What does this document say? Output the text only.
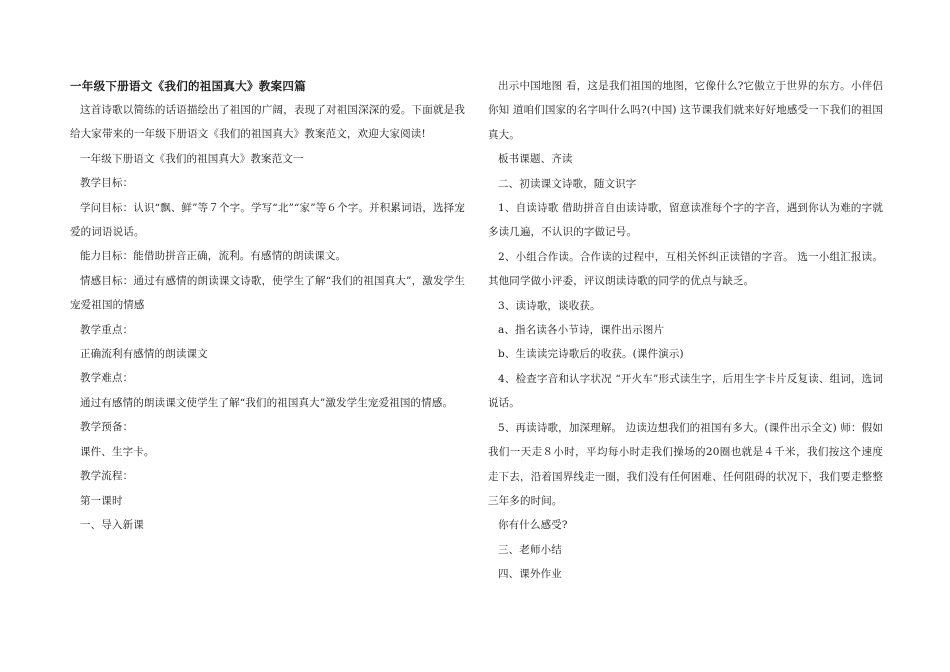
一年级下册语文《我们的祖国真大》教案四篇

这首诗歌以简练的话语描绘出了祖国的广阔，表现了对祖国深深的爱。下面就是我给大家带来的一年级下册语文《我们的祖国真大》教案范文，欢迎大家阅读!

一年级下册语文《我们的祖国真大》教案范文一

教学目标：

学问目标：认识“飘、鲜”等７个字。学写“北”“家”等６个字。并积累词语，选择宠爱的词语说话。

能力目标：能借助拼音正确，流利。有感情的朗读课文。

情感目标：通过有感情的朗读课文诗歌，使学生了解“我们的祖国真大”，激发学生宠爱祖国的情感

教学重点：

正确流利有感情的朗读课文

教学难点：

通过有感情的朗读课文使学生了解“我们的祖国真大”激发学生宠爱祖国的情感。

教学预备：

课件、生字卡。

教学流程：

第一课时

一、导入新课

出示中国地图 看，这是我们祖国的地图，它像什么?它傲立于世界的东方。小伴侣你知 道咱们国家的名字叫什么吗?(中国) 这节课我们就来好好地感受一下我们的祖国真大。

板书课题、齐读

二、初读课文诗歌，随文识字

1、自读诗歌 借助拼音自由读诗歌，留意读准每个字的字音，遇到你认为难的字就多读几遍，不认识的字做记号。

2、小组合作读。合作读的过程中，互相关怀纠正读错的字音。 选一小组汇报读。其他同学做小评委，评议朗读诗歌的同学的优点与缺乏。

3、读诗歌，谈收获。

a、指名读各小节诗，课件出示图片

b、生读读完诗歌后的收获。(课件演示)

4、检查字音和认字状况 “开火车”形式读生字，后用生字卡片反复读、组词，选词说话。

5、再读诗歌，加深理解。 边读边想我们的祖国有多大。(课件出示全文) 师：假如我们一天走８小时，平均每小时走我们操场的20圈也就是４千米，我们按这个速度走下去，沿着国界线走一圈，我们没有任何困难、任何阻碍的状况下，我们要走整整三年多的时间。

你有什么感受?

三、老师小结

四、课外作业
